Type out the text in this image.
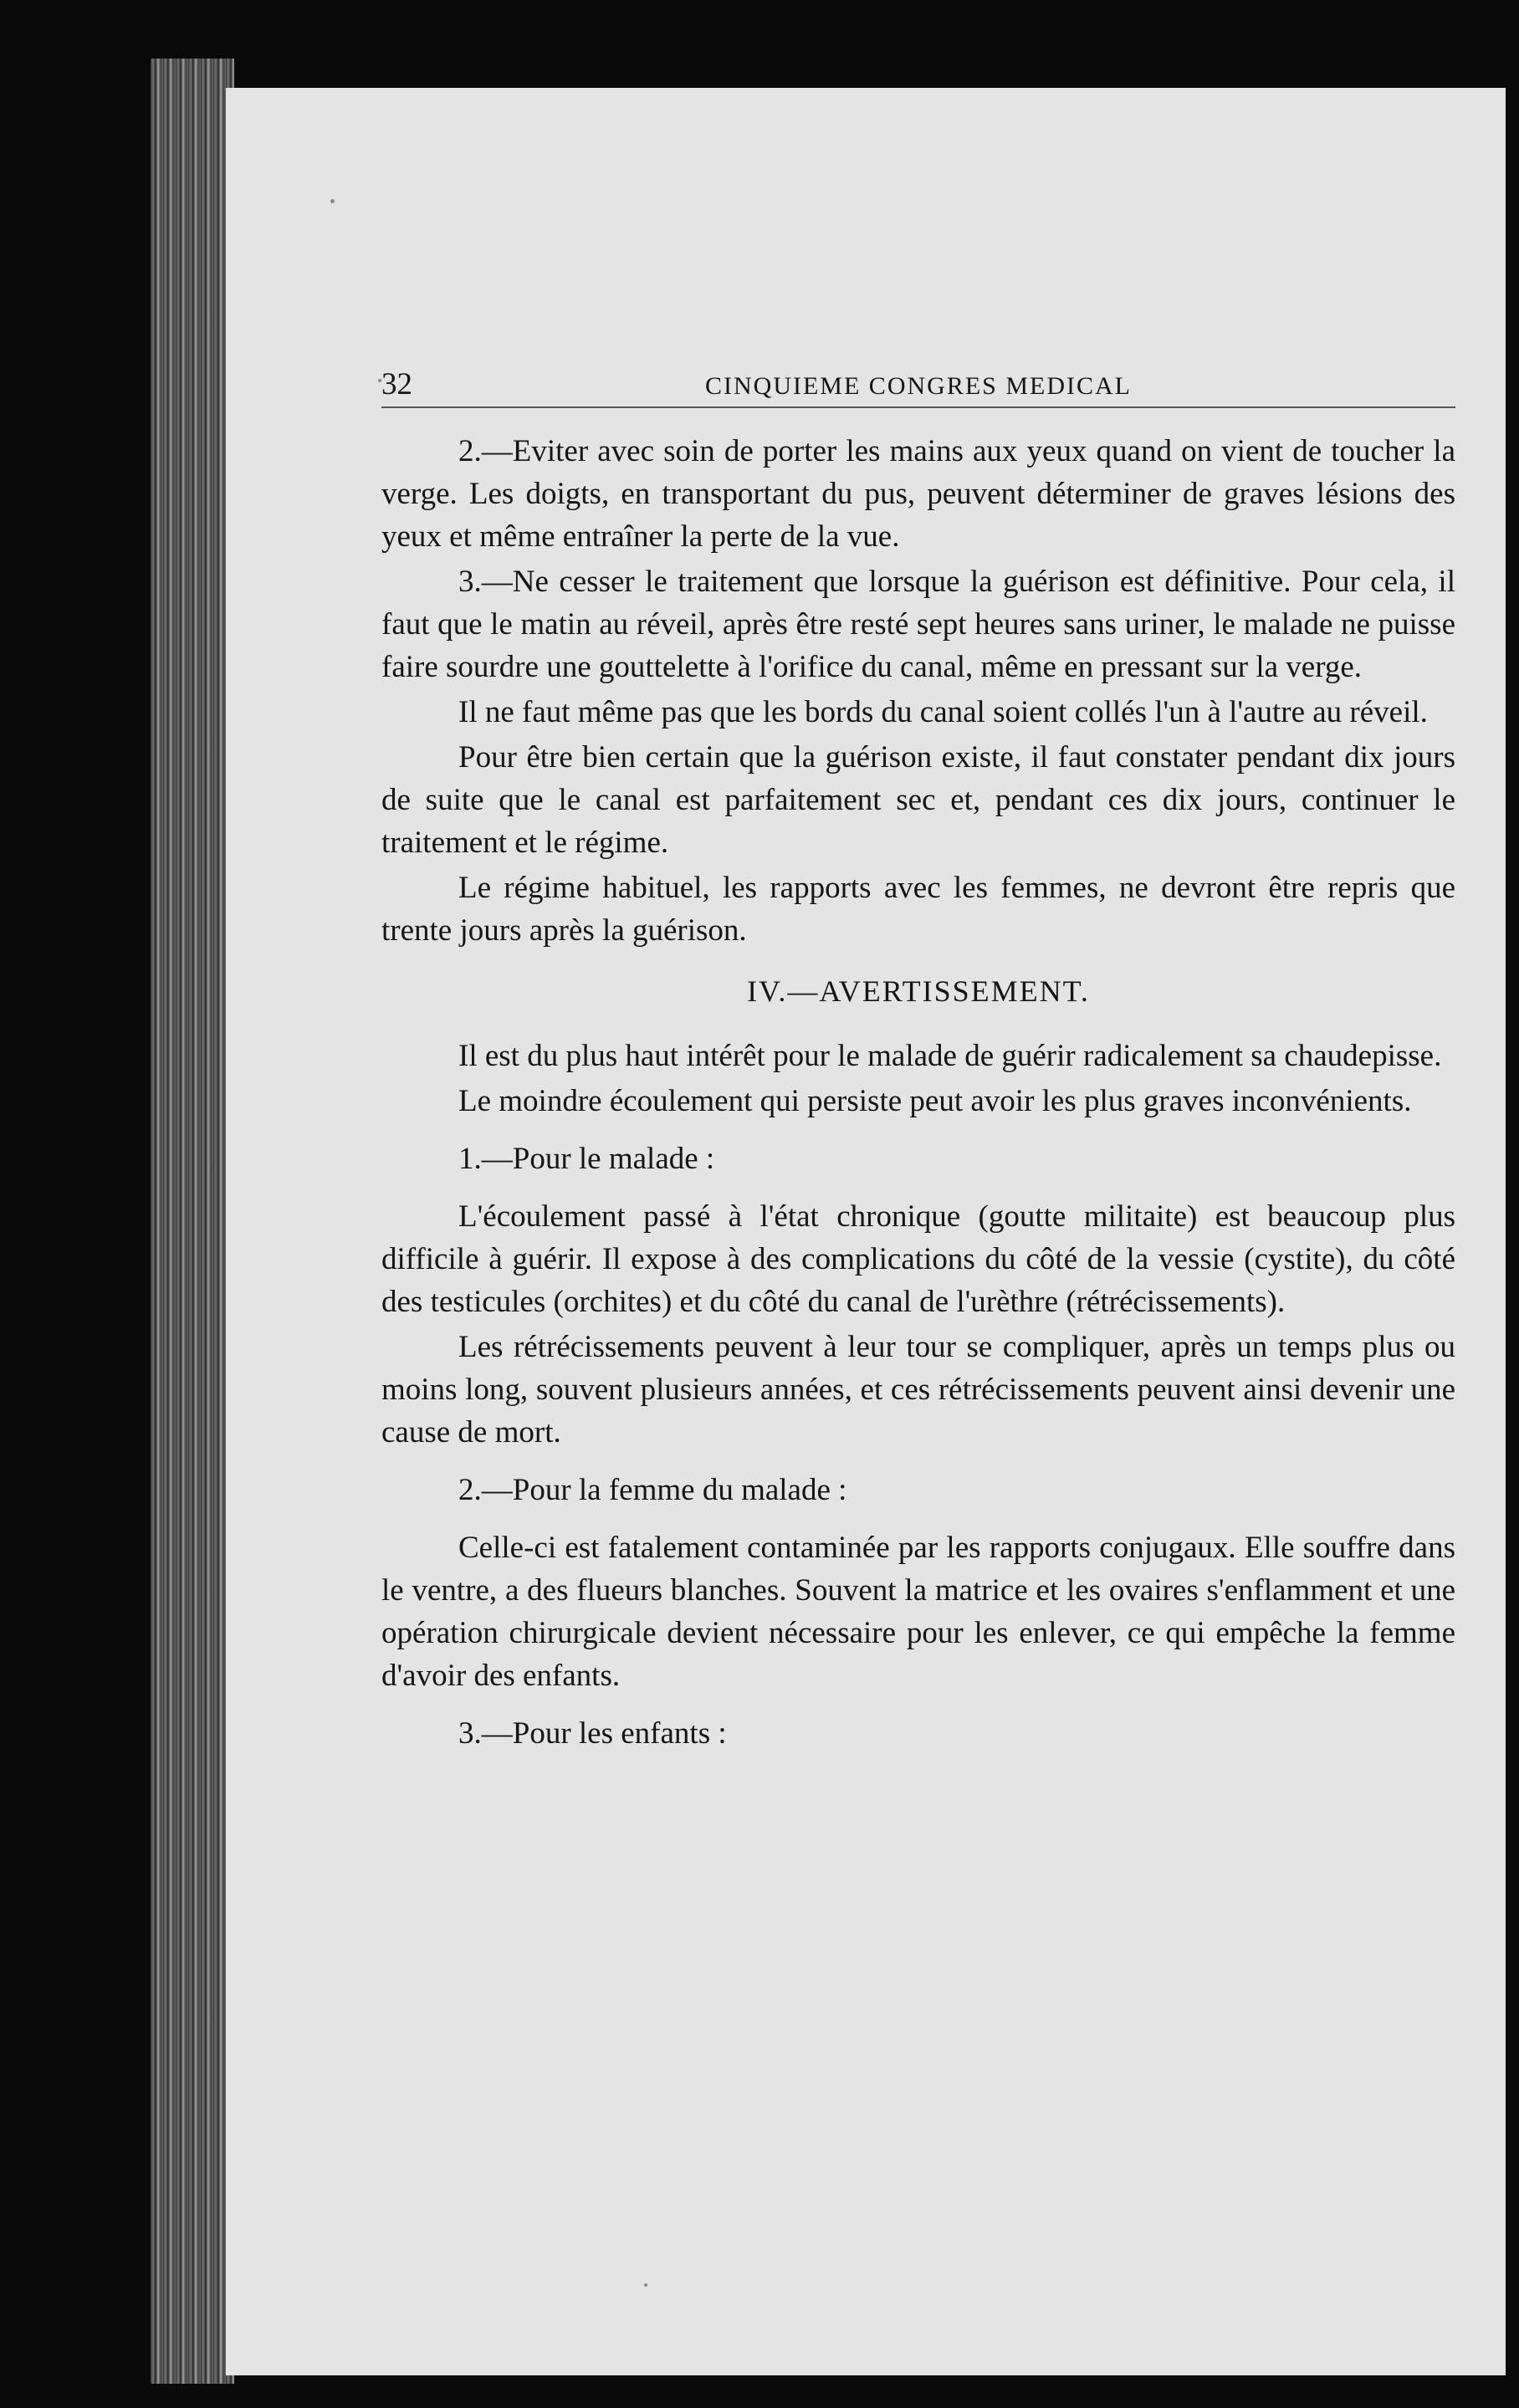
32	CINQUIEME CONGRES MEDICAL

2.—Eviter avec soin de porter les mains aux yeux quand on vient de toucher la verge. Les doigts, en transportant du pus, peuvent déterminer de graves lésions des yeux et même entraîner la perte de la vue.

3.—Ne cesser le traitement que lorsque la guérison est définitive. Pour cela, il faut que le matin au réveil, après être resté sept heures sans uriner, le malade ne puisse faire sourdre une gouttelette à l'orifice du canal, même en pressant sur la verge.

Il ne faut même pas que les bords du canal soient collés l'un à l'autre au réveil.

Pour être bien certain que la guérison existe, il faut constater pendant dix jours de suite que le canal est parfaitement sec et, pendant ces dix jours, continuer le traitement et le régime.

Le régime habituel, les rapports avec les femmes, ne devront être repris que trente jours après la guérison.

IV.—AVERTISSEMENT.

Il est du plus haut intérêt pour le malade de guérir radicalement sa chaudepisse.

Le moindre écoulement qui persiste peut avoir les plus graves inconvénients.

1.—Pour le malade :

L'écoulement passé à l'état chronique (goutte militaite) est beaucoup plus difficile à guérir. Il expose à des complications du côté de la vessie (cystite), du côté des testicules (orchites) et du côté du canal de l'urèthre (rétrécissements).

Les rétrécissements peuvent à leur tour se compliquer, après un temps plus ou moins long, souvent plusieurs années, et ces rétrécissements peuvent ainsi devenir une cause de mort.

2.—Pour la femme du malade :

Celle-ci est fatalement contaminée par les rapports conjugaux. Elle souffre dans le ventre, a des flueurs blanches. Souvent la matrice et les ovaires s'enflamment et une opération chirurgicale devient nécessaire pour les enlever, ce qui empêche la femme d'avoir des enfants.

3.—Pour les enfants :
